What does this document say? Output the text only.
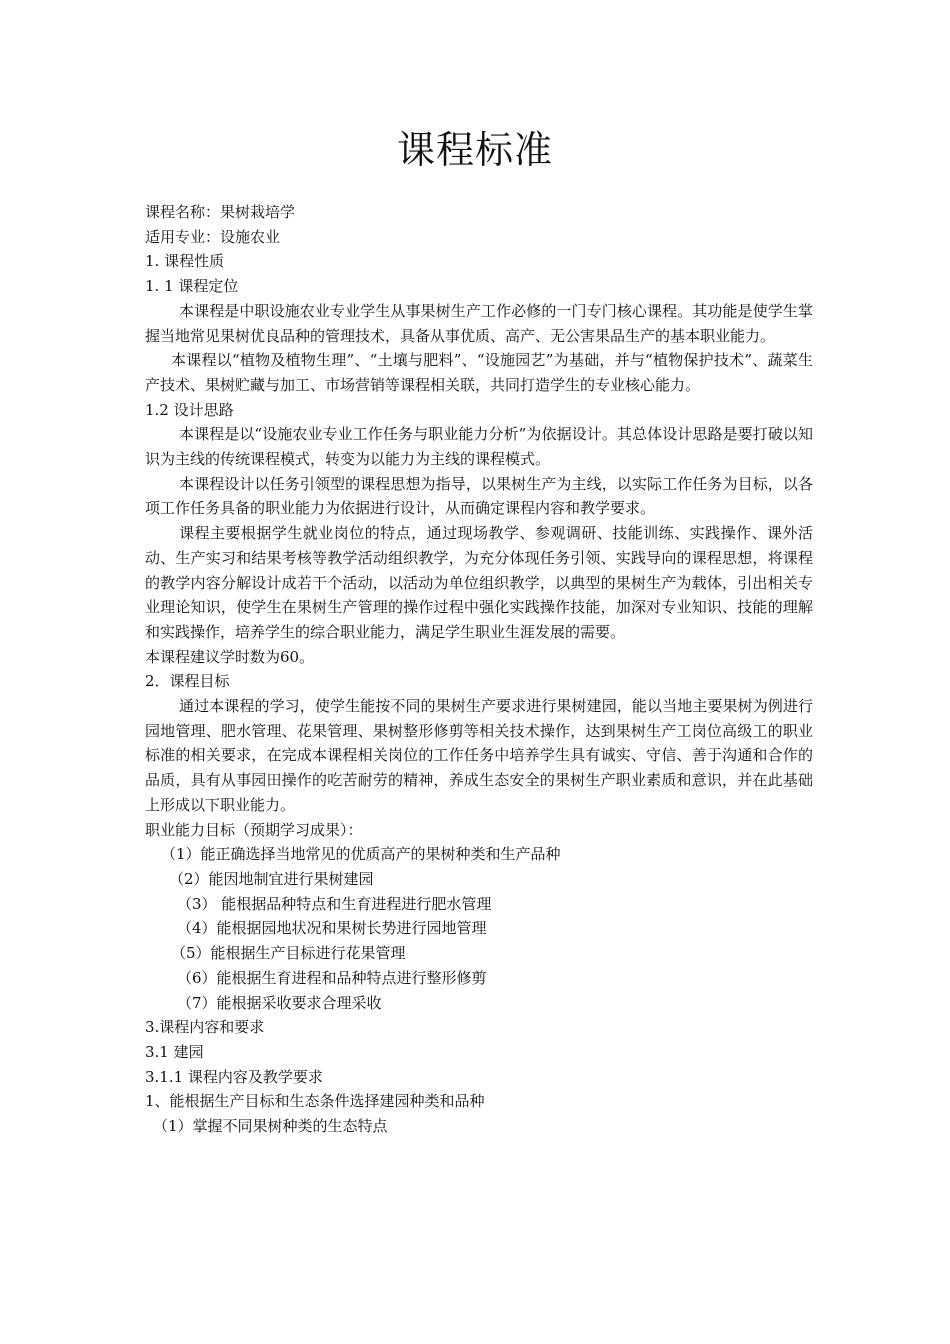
课程标准

课程名称：果树栽培学

适用专业：设施农业

1. 课程性质

1. 1 课程定位

本课程是中职设施农业专业学生从事果树生产工作必修的一门专门核心课程。其功能是使学生掌握当地常见果树优良品种的管理技术，具备从事优质、高产、无公害果品生产的基本职业能力。

本课程以“植物及植物生理”、“土壤与肥料”、“设施园艺”为基础，并与“植物保护技术”、蔬菜生产技术、果树贮藏与加工、市场营销等课程相关联，共同打造学生的专业核心能力。

1.2 设计思路

本课程是以“设施农业专业工作任务与职业能力分析”为依据设计。其总体设计思路是要打破以知识为主线的传统课程模式，转变为以能力为主线的课程模式。

本课程设计以任务引领型的课程思想为指导，以果树生产为主线，以实际工作任务为目标，以各项工作任务具备的职业能力为依据进行设计，从而确定课程内容和教学要求。

课程主要根据学生就业岗位的特点，通过现场教学、参观调研、技能训练、实践操作、课外活动、生产实习和结果考核等教学活动组织教学，为充分体现任务引领、实践导向的课程思想，将课程的教学内容分解设计成若干个活动，以活动为单位组织教学，以典型的果树生产为载体，引出相关专业理论知识，使学生在果树生产管理的操作过程中强化实践操作技能，加深对专业知识、技能的理解和实践操作，培养学生的综合职业能力，满足学生职业生涯发展的需要。

本课程建议学时数为60。

2．课程目标

通过本课程的学习，使学生能按不同的果树生产要求进行果树建园，能以当地主要果树为例进行园地管理、肥水管理、花果管理、果树整形修剪等相关技术操作，达到果树生产工岗位高级工的职业标准的相关要求，在完成本课程相关岗位的工作任务中培养学生具有诚实、守信、善于沟通和合作的品质，具有从事园田操作的吃苦耐劳的精神，养成生态安全的果树生产职业素质和意识，并在此基础上形成以下职业能力。

职业能力目标（预期学习成果）：

（1）能正确选择当地常见的优质高产的果树种类和生产品种

（2）能因地制宜进行果树建园

（3） 能根据品种特点和生育进程进行肥水管理

（4）能根据园地状况和果树长势进行园地管理

（5）能根据生产目标进行花果管理

（6）能根据生育进程和品种特点进行整形修剪

（7）能根据采收要求合理采收

3.课程内容和要求

3.1 建园

3.1.1 课程内容及教学要求

1、能根据生产目标和生态条件选择建园种类和品种

（1）掌握不同果树种类的生态特点
